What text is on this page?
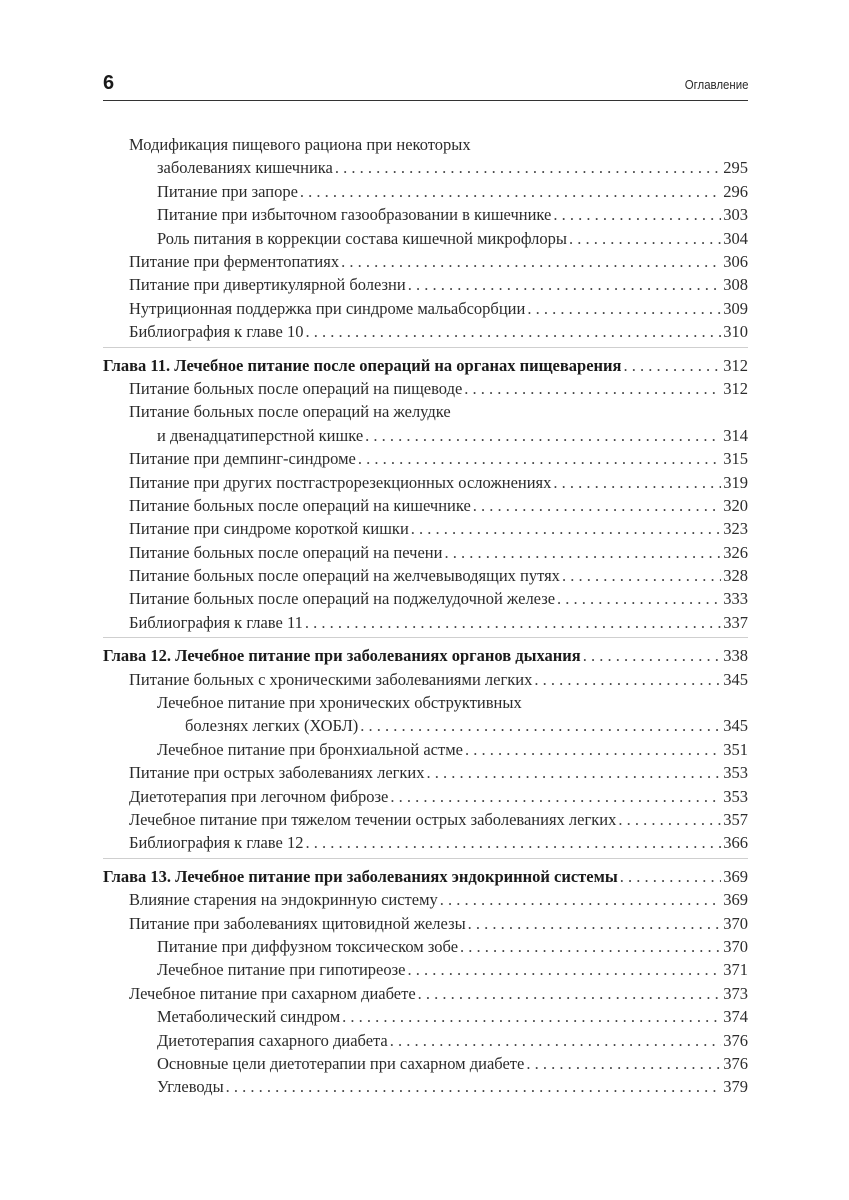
6	Оглавление
Модификация пищевого рациона при некоторых
заболеваниях кишечника . . .	295
Питание при запоре . . .	296
Питание при избыточном газообразовании в кишечнике . . .	303
Роль питания в коррекции состава кишечной микрофлоры . . .	304
Питание при ферментопатиях . . .	306
Питание при дивертикулярной болезни . . .	308
Нутриционная поддержка при синдроме мальабсорбции . . .	309
Библиография к главе 10 . . .	310
Глава 11. Лечебное питание после операций на органах пищеварения . . .	312
Питание больных после операций на пищеводе . . .	312
Питание больных после операций на желудке
и двенадцатиперстной кишке . . .	314
Питание при демпинг-синдроме . . .	315
Питание при других постгастрорезекционных осложнениях . . .	319
Питание больных после операций на кишечнике . . .	320
Питание при синдроме короткой кишки . . .	323
Питание больных после операций на печени . . .	326
Питание больных после операций на желчевыводящих путях . . .	328
Питание больных после операций на поджелудочной железе . . .	333
Библиография к главе 11 . . .	337
Глава 12. Лечебное питание при заболеваниях органов дыхания . . .	338
Питание больных с хроническими заболеваниями легких . . .	345
Лечебное питание при хронических обструктивных
болезнях легких (ХОБЛ) . . .	345
Лечебное питание при бронхиальной астме . . .	351
Питание при острых заболеваниях легких . . .	353
Диетотерапия при легочном фиброзе . . .	353
Лечебное питание при тяжелом течении острых заболеваниях легких . . .	357
Библиография к главе 12 . . .	366
Глава 13. Лечебное питание при заболеваниях эндокринной системы . . .	369
Влияние старения на эндокринную систему . . .	369
Питание при заболеваниях щитовидной железы . . .	370
Питание при диффузном токсическом зобе . . .	370
Лечебное питание при гипотиреозе . . .	371
Лечебное питание при сахарном диабете . . .	373
Метаболический синдром . . .	374
Диетотерапия сахарного диабета . . .	376
Основные цели диетотерапии при сахарном диабете . . .	376
Углеводы . . .	379
